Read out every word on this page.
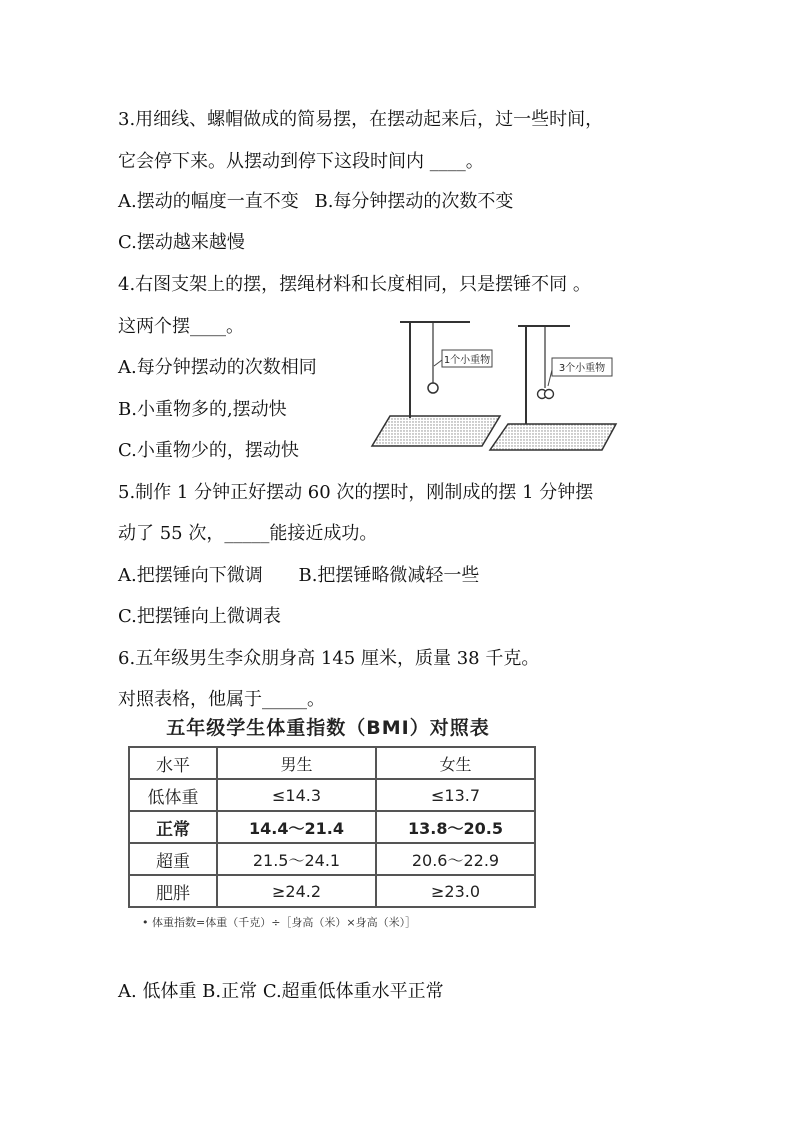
3.用细线、螺帽做成的简易摆，在摆动起来后，过一些时间，
它会停下来。从摆动到停下这段时间内 ____。
A.摆动的幅度一直不变 B.每分钟摆动的次数不变
C.摆动越来越慢
4.右图支架上的摆，摆绳材料和长度相同，只是摆锤不同 。
这两个摆____。
A.每分钟摆动的次数相同
B.小重物多的,摆动快
C.小重物少的，摆动快
1个小重物
3个小重物
5.制作 1 分钟正好摆动 60 次的摆时，刚制成的摆 1 分钟摆
动了 55 次，_____能接近成功。
A.把摆锤向下微调 B.把摆锤略微减轻一些
C.把摆锤向上微调表
6.五年级男生李众朋身高 145 厘米，质量 38 千克。
对照表格，他属于_____。
五年级学生体重指数（BMI）对照表
水平	男生	女生
低体重	≤14.3	≤13.7
正常	14.4～21.4	13.8～20.5
超重	21.5～24.1	20.6～22.9
肥胖	≥24.2	≥23.0
• 体重指数=体重（千克）÷［身高（米）×身高（米）］
A. 低体重 B.正常 C.超重低体重水平正常
